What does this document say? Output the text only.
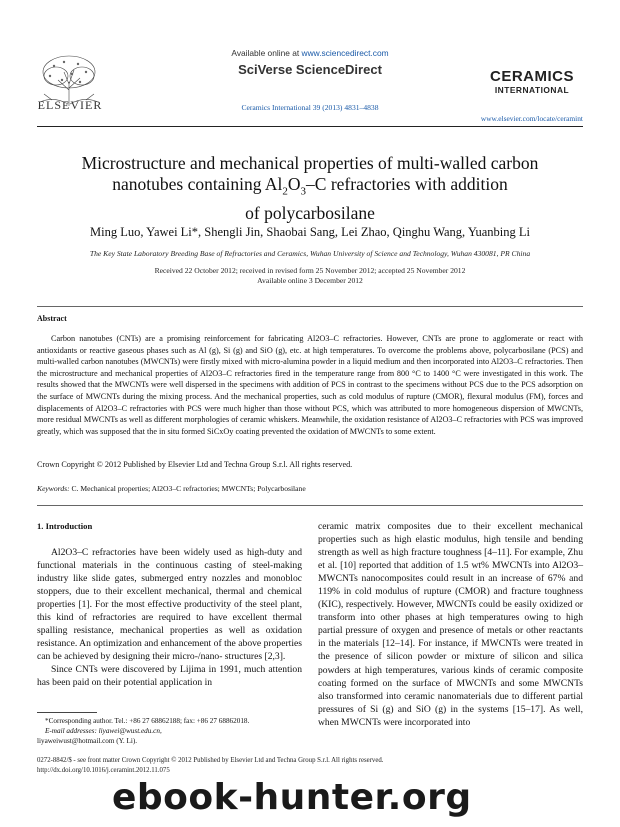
ELSEVIER
Available online at www.sciencedirect.com
SciVerse ScienceDirect
Ceramics International 39 (2013) 4831–4838
CERAMICS
INTERNATIONAL
www.elsevier.com/locate/ceramint
Microstructure and mechanical properties of multi-walled carbon
nanotubes containing $Al_2O_3-C$ refractories with addition
of polycarbosilane
Ming Luo, Yawei Li*, Shengli Jin, Shaobai Sang, Lei Zhao, Qinghu Wang, Yuanbing Li
The Key State Laboratory Breeding Base of Refractories and Ceramics, Wuhan University of Science and Technology, Wuhan 430081, PR China
Received 22 October 2012; received in revised form 25 November 2012; accepted 25 November 2012
Available online 3 December 2012
Abstract
Carbon nanotubes (CNTs) are a promising reinforcement for fabricating Al2O3–C refractories. However, CNTs are prone to agglomerate or react with antioxidants or reactive gaseous phases such as Al (g), Si (g) and SiO (g), etc. at high temperatures. To overcome the problems above, polycarbosilane (PCS) and multi-walled carbon nanotubes (MWCNTs) were firstly mixed with micro-alumina powder in a liquid medium and then incorporated into Al2O3–C refractories. Then the microstructure and mechanical properties of Al2O3–C refractories fired in the temperature range from 800 °C to 1400 °C were investigated in this work. The results showed that the MWCNTs were well dispersed in the specimens with addition of PCS in contrast to the specimens without PCS due to the PCS adsorption on the surface of MWCNTs during the mixing process. And the mechanical properties, such as cold modulus of rupture (CMOR), flexural modulus (FM), forces and displacements of Al2O3–C refractories with PCS were much higher than those without PCS, which was attributed to more homogeneous dispersion of MWCNTs, more residual MWCNTs as well as different morphologies of ceramic whiskers. Meanwhile, the oxidation resistance of Al2O3–C refractories with PCS was improved greatly, which was supposed that the in situ formed SiCxOy coating prevented the oxidation of MWCNTs to some extent.
Crown Copyright © 2012 Published by Elsevier Ltd and Techna Group S.r.l. All rights reserved.
Keywords: C. Mechanical properties; Al2O3–C refractories; MWCNTs; Polycarbosilane
1. Introduction

Al2O3–C refractories have been widely used as high-duty and functional materials in the continuous casting of steel-making industry like slide gates, submerged entry nozzles and monobloc stoppers, due to their excellent mechanical, thermal and chemical properties [1]. For the most effective productivity of the steel plant, this kind of refractories are required to have excellent thermal spalling resistance, mechanical properties as well as oxidation resistance. An optimization and enhancement of the above properties can be achieved by designing their micro-/nano- structures [2,3].

Since CNTs were discovered by Lijima in 1991, much attention has been paid on their potential application in

ceramic matrix composites due to their excellent mechanical properties such as high elastic modulus, high tensile and bending strength as well as high fracture toughness [4–11]. For example, Zhu et al. [10] reported that addition of 1.5 wt% MWCNTs into Al2O3–MWCNTs nanocomposites could result in an increase of 67% and 119% in cold modulus of rupture (CMOR) and fracture toughness (KIC), respectively. However, MWCNTs could be easily oxidized or transform into other phases at high temperatures owing to high partial pressure of oxygen and presence of metals or other reactants in the materials [12–14]. For instance, if MWCNTs were treated in the presence of silicon powder or mixture of silicon and silica powders at high temperatures, various kinds of ceramic composite coating formed on the surface of MWCNTs and some MWCNTs also transformed into ceramic nanomaterials due to different partial pressures of Si (g) and SiO (g) in the systems [15–17]. As well, when MWCNTs were incorporated into

*Corresponding author. Tel.: +86 27 68862188; fax: +86 27 68862018.
E-mail addresses: liyawei@wust.edu.cn,
liyaweiwust@hotmail.com (Y. Li).
0272-8842/$ - see front matter Crown Copyright © 2012 Published by Elsevier Ltd and Techna Group S.r.l. All rights reserved.
http://dx.doi.org/10.1016/j.ceramint.2012.11.075
ebook-hunter.org
